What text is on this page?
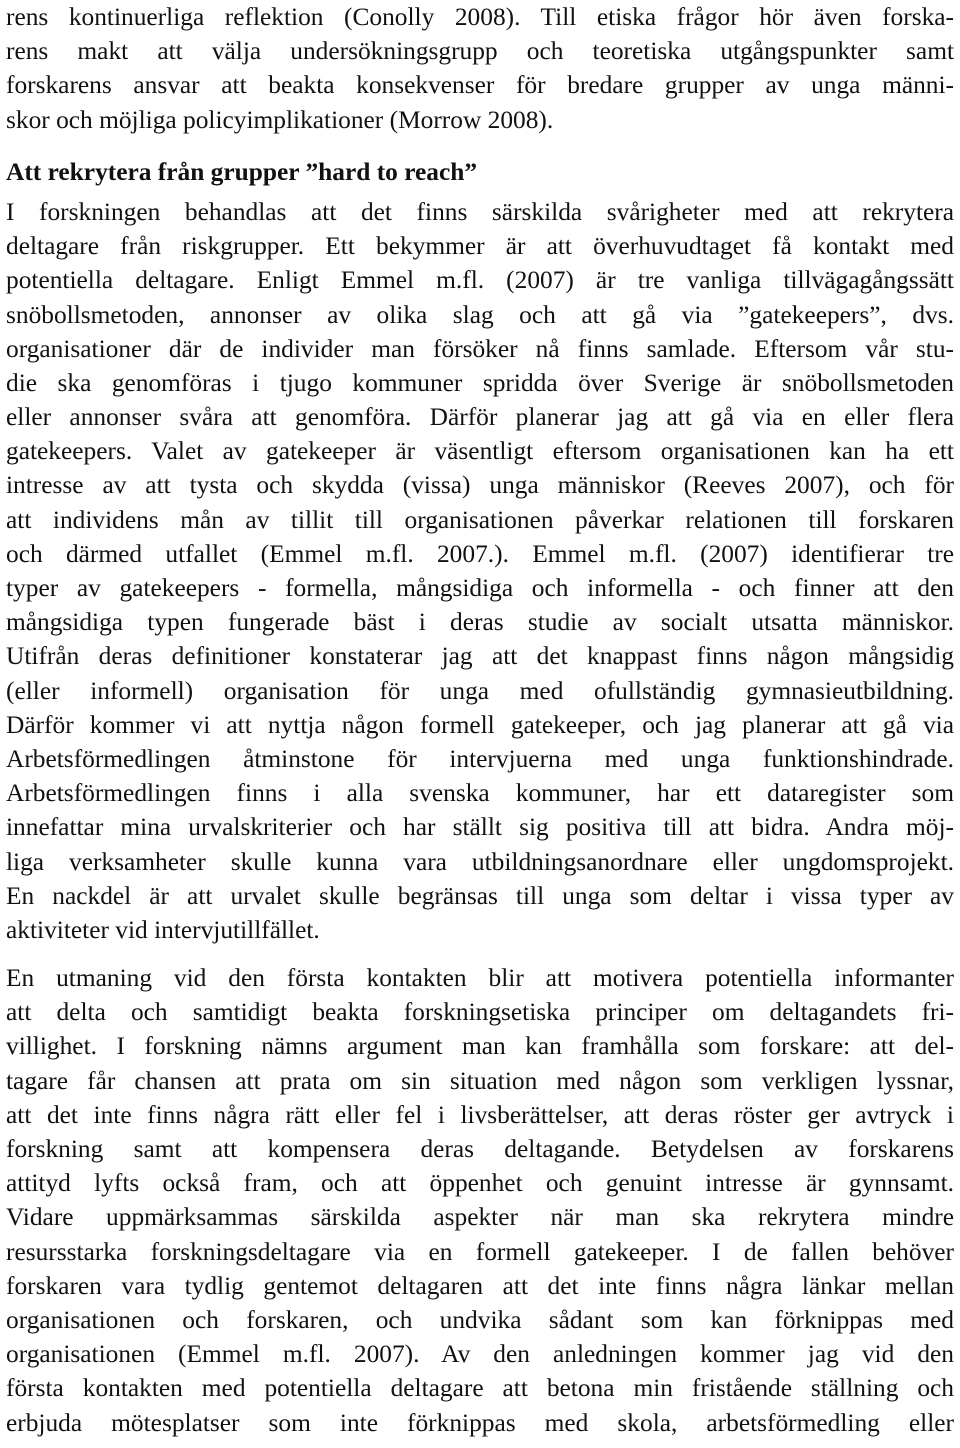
rens kontinuerliga reflektion (Conolly 2008). Till etiska frågor hör även forska-
rens makt att välja undersökningsgrupp och teoretiska utgångspunkter samt
forskarens ansvar att beakta konsekvenser för bredare grupper av unga männi-
skor och möjliga policyimplikationer (Morrow 2008).
Att rekrytera från grupper ”hard to reach”
I forskningen behandlas att det finns särskilda svårigheter med att rekrytera
deltagare från riskgrupper. Ett bekymmer är att överhuvudtaget få kontakt med
potentiella deltagare. Enligt Emmel m.fl. (2007) är tre vanliga tillvägagångssätt
snöbollsmetoden, annonser av olika slag och att gå via ”gatekeepers”, dvs.
organisationer där de individer man försöker nå finns samlade. Eftersom vår stu-
die ska genomföras i tjugo kommuner spridda över Sverige är snöbollsmetoden
eller annonser svåra att genomföra. Därför planerar jag att gå via en eller flera
gatekeepers. Valet av gatekeeper är väsentligt eftersom organisationen kan ha ett
intresse av att tysta och skydda (vissa) unga människor (Reeves 2007), och för
att individens mån av tillit till organisationen påverkar relationen till forskaren
och därmed utfallet (Emmel m.fl. 2007.). Emmel m.fl. (2007) identifierar tre
typer av gatekeepers - formella, mångsidiga och informella - och finner att den
mångsidiga typen fungerade bäst i deras studie av socialt utsatta människor.
Utifrån deras definitioner konstaterar jag att det knappast finns någon mångsidig
(eller informell) organisation för unga med ofullständig gymnasieutbildning.
Därför kommer vi att nyttja någon formell gatekeeper, och jag planerar att gå via
Arbetsförmedlingen åtminstone för intervjuerna med unga funktionshindrade.
Arbetsförmedlingen finns i alla svenska kommuner, har ett dataregister som
innefattar mina urvalskriterier och har ställt sig positiva till att bidra. Andra möj-
liga verksamheter skulle kunna vara utbildningsanordnare eller ungdomsprojekt.
En nackdel är att urvalet skulle begränsas till unga som deltar i vissa typer av
aktiviteter vid intervjutillfället.
En utmaning vid den första kontakten blir att motivera potentiella informanter
att delta och samtidigt beakta forskningsetiska principer om deltagandets fri-
villighet. I forskning nämns argument man kan framhålla som forskare: att del-
tagare får chansen att prata om sin situation med någon som verkligen lyssnar,
att det inte finns några rätt eller fel i livsberättelser, att deras röster ger avtryck i
forskning samt att kompensera deras deltagande. Betydelsen av forskarens
attityd lyfts också fram, och att öppenhet och genuint intresse är gynnsamt.
Vidare uppmärksammas särskilda aspekter när man ska rekrytera mindre
resursstarka forskningsdeltagare via en formell gatekeeper. I de fallen behöver
forskaren vara tydlig gentemot deltagaren att det inte finns några länkar mellan
organisationen och forskaren, och undvika sådant som kan förknippas med
organisationen (Emmel m.fl. 2007). Av den anledningen kommer jag vid den
första kontakten med potentiella deltagare att betona min fristående ställning och
erbjuda mötesplatser som inte förknippas med skola, arbetsförmedling eller
